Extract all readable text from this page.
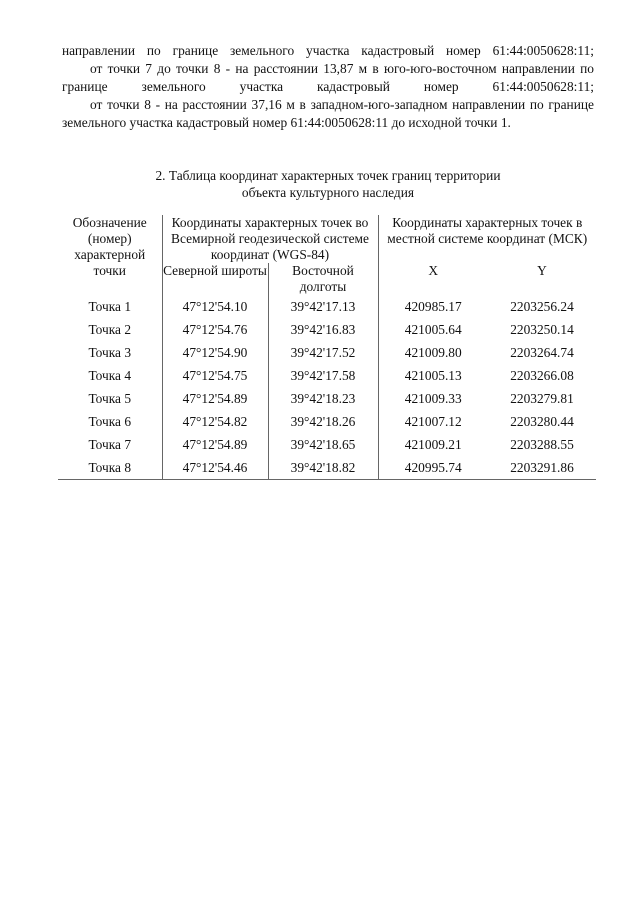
направлении по границе земельного участка кадастровый номер 61:44:0050628:11;

от точки 7 до точки 8 - на расстоянии 13,87 м в юго-юго-восточном направлении по границе земельного участка кадастровый номер 61:44:0050628:11;

от точки 8 - на расстоянии 37,16 м в западном-юго-западном направлении по границе земельного участка кадастровый номер 61:44:0050628:11 до исходной точки 1.

2. Таблица координат характерных точек границ территории
объекта культурного наследия
Обозначение (номер) характерной точки	Координаты характерных точек во Всемирной геодезической системе координат (WGS-84)		Координаты характерных точек в местной системе координат (МСК)	
	Северной широты	Восточной долготы	X	Y
Точка 1	47°12'54.10	39°42'17.13	420985.17	2203256.24
Точка 2	47°12'54.76	39°42'16.83	421005.64	2203250.14
Точка 3	47°12'54.90	39°42'17.52	421009.80	2203264.74
Точка 4	47°12'54.75	39°42'17.58	421005.13	2203266.08
Точка 5	47°12'54.89	39°42'18.23	421009.33	2203279.81
Точка 6	47°12'54.82	39°42'18.26	421007.12	2203280.44
Точка 7	47°12'54.89	39°42'18.65	421009.21	2203288.55
Точка 8	47°12'54.46	39°42'18.82	420995.74	2203291.86
